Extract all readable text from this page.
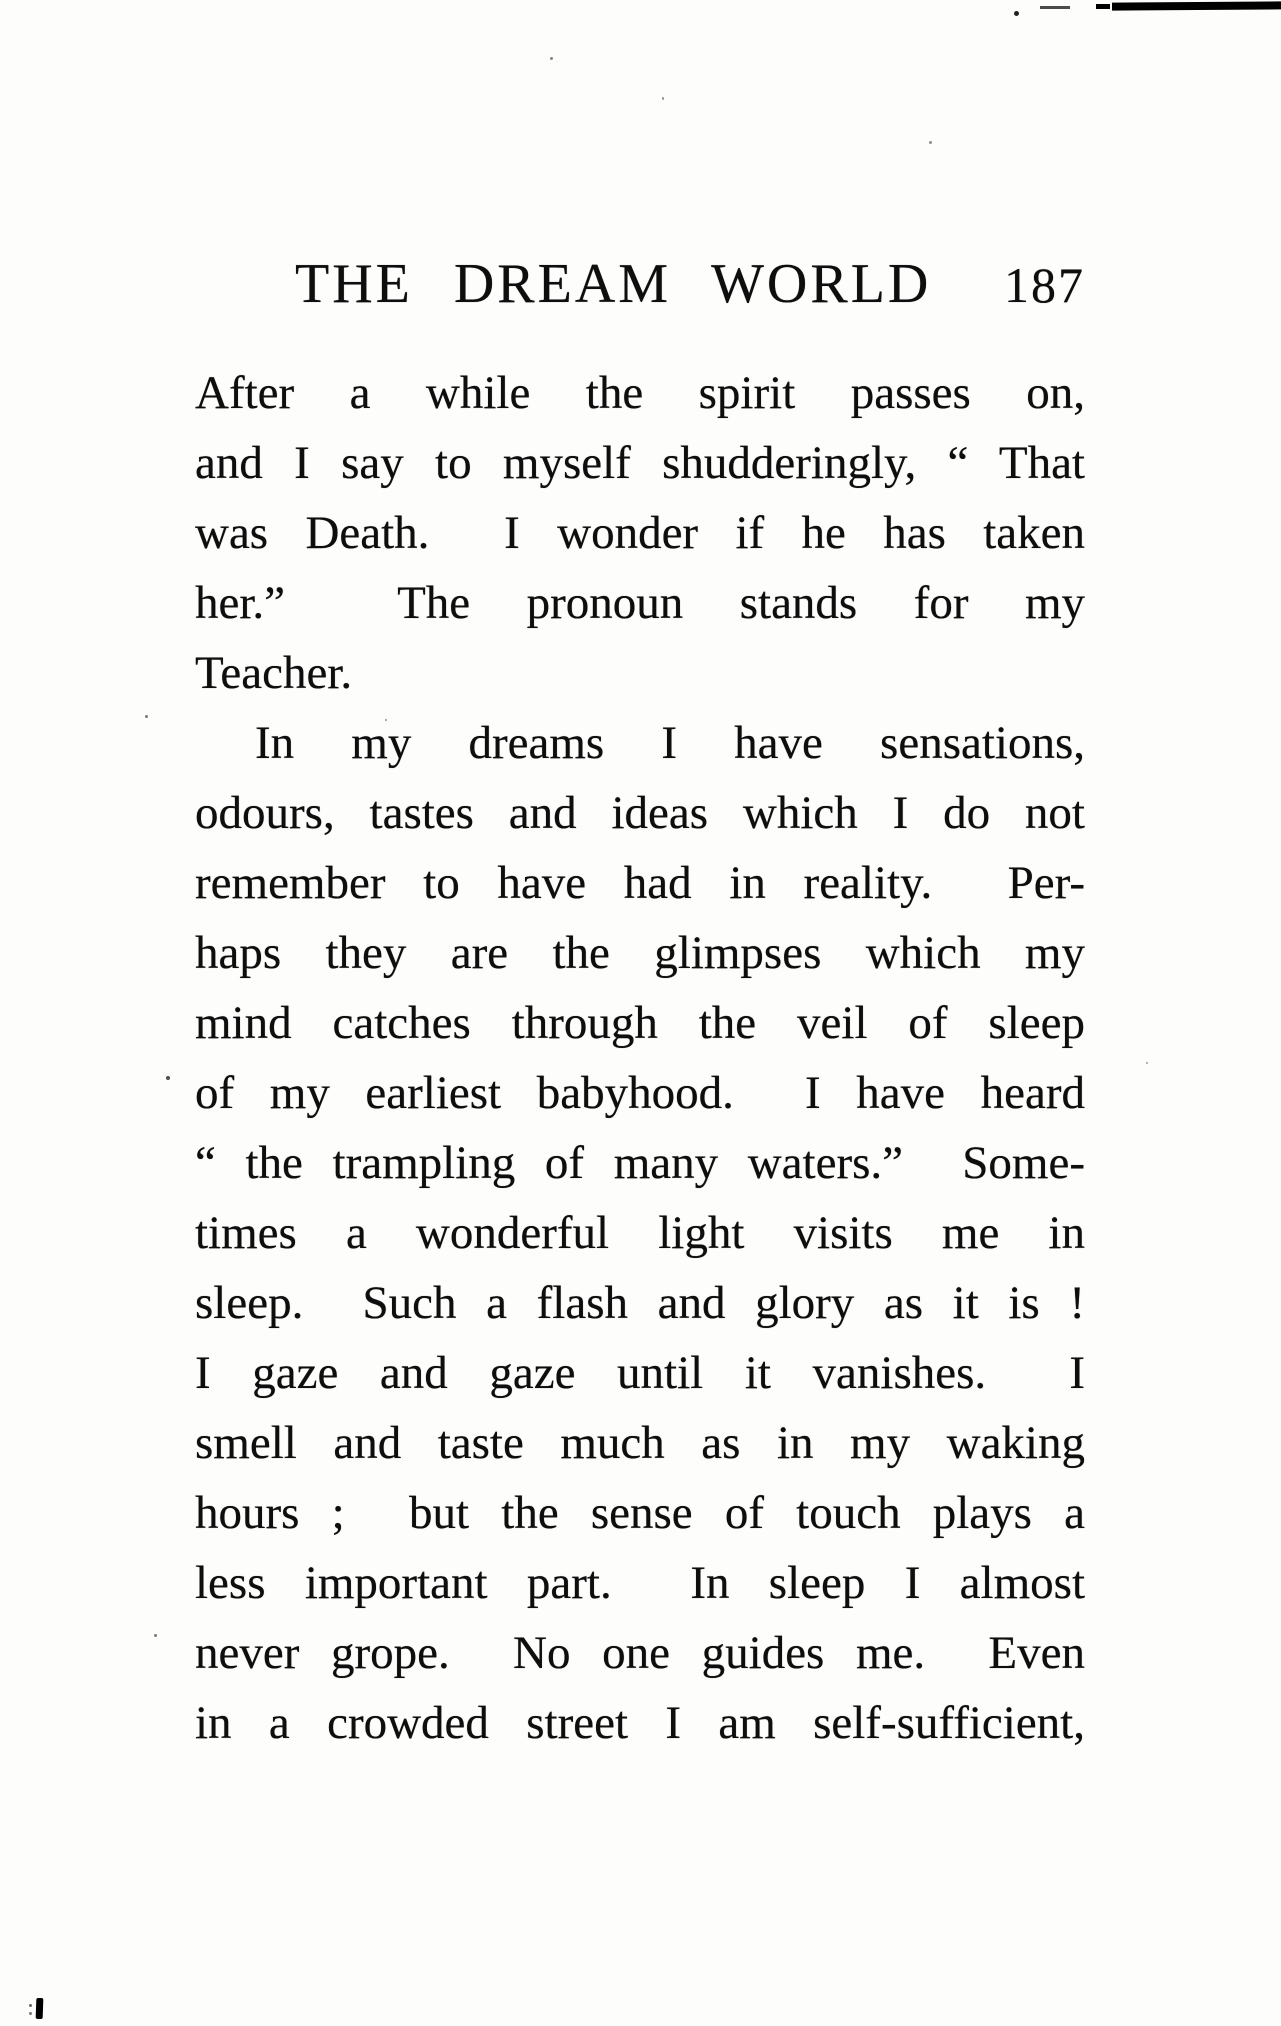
THE DREAM WORLD 187
After a while the spirit passes on,
and I say to myself shudderingly, “ That
was Death.  I wonder if he has taken
her.”  The pronoun stands for my
Teacher.
In my dreams I have sensations,
odours, tastes and ideas which I do not
remember to have had in reality.  Per-
haps they are the glimpses which my
mind catches through the veil of sleep
of my earliest babyhood.  I have heard
“ the trampling of many waters.”  Some-
times a wonderful light visits me in
sleep.  Such a flash and glory as it is !
I gaze and gaze until it vanishes.  I
smell and taste much as in my waking
hours ;  but the sense of touch plays a
less important part.  In sleep I almost
never grope.  No one guides me.  Even
in a crowded street I am self-sufficient,
